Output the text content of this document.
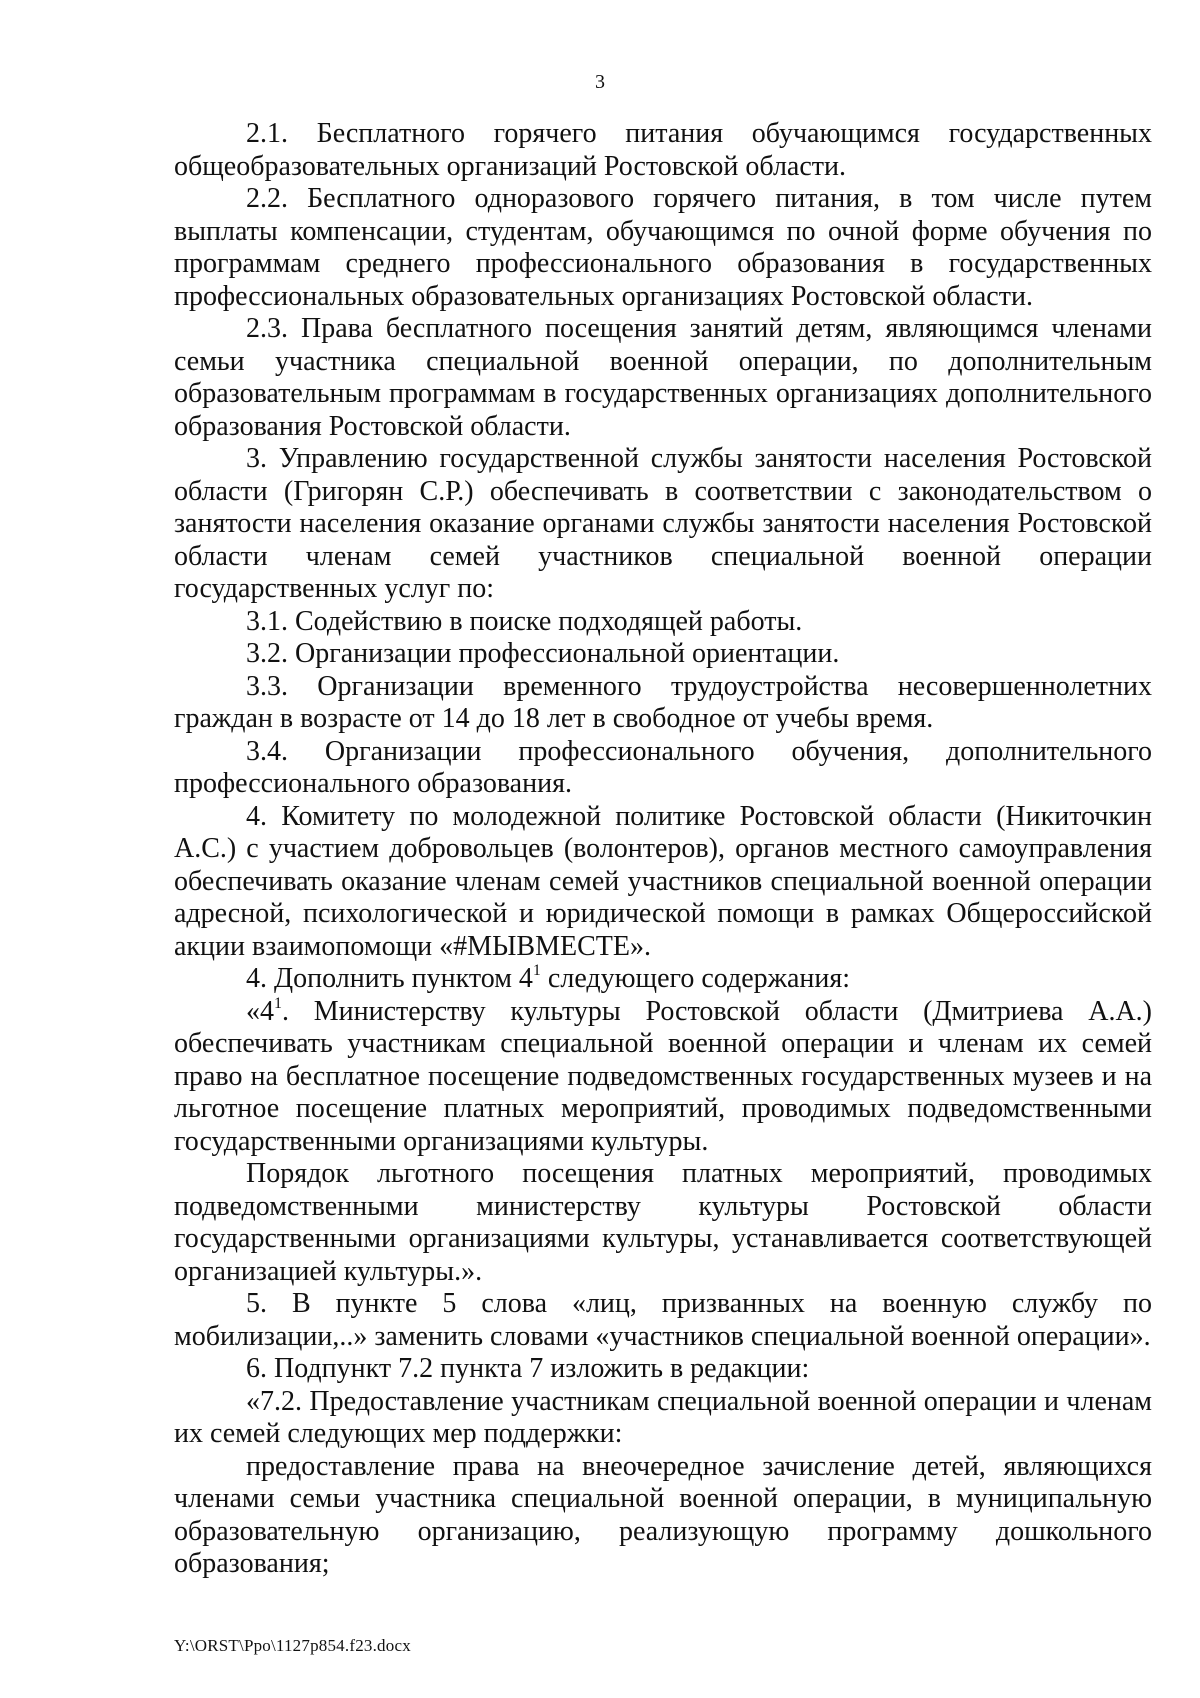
3

2.1. Бесплатного горячего питания обучающимся государственных общеобразовательных организаций Ростовской области.

2.2. Бесплатного одноразового горячего питания, в том числе путем выплаты компенсации, студентам, обучающимся по очной форме обучения по программам среднего профессионального образования в государственных профессиональных образовательных организациях Ростовской области.

2.3. Права бесплатного посещения занятий детям, являющимся членами семьи участника специальной военной операции, по дополнительным образовательным программам в государственных организациях дополнительного образования Ростовской области.

3. Управлению государственной службы занятости населения Ростовской области (Григорян С.Р.) обеспечивать в соответствии с законодательством о занятости населения оказание органами службы занятости населения Ростовской области членам семей участников специальной военной операции государственных услуг по:

3.1. Содействию в поиске подходящей работы.

3.2. Организации профессиональной ориентации.

3.3. Организации временного трудоустройства несовершеннолетних граждан в возрасте от 14 до 18 лет в свободное от учебы время.

3.4. Организации профессионального обучения, дополнительного профессионального образования.

4. Комитету по молодежной политике Ростовской области (Никиточкин А.С.) с участием добровольцев (волонтеров), органов местного самоуправления обеспечивать оказание членам семей участников специальной военной операции адресной, психологической и юридической помощи в рамках Общероссийской акции взаимопомощи «#МЫВМЕСТЕ».

4. Дополнить пунктом $4^1$ следующего содержания:

«$4^1$. Министерству культуры Ростовской области (Дмитриева А.А.) обеспечивать участникам специальной военной операции и членам их семей право на бесплатное посещение подведомственных государственных музеев и на льготное посещение платных мероприятий, проводимых подведомственными государственными организациями культуры.

Порядок льготного посещения платных мероприятий, проводимых подведомственными министерству культуры Ростовской области государственными организациями культуры, устанавливается соответствующей организацией культуры.».

5. В пункте 5 слова «лиц, призванных на военную службу по мобилизации,..» заменить словами «участников специальной военной операции».

6. Подпункт 7.2 пункта 7 изложить в редакции:

«7.2. Предоставление участникам специальной военной операции и членам их семей следующих мер поддержки:

предоставление права на внеочередное зачисление детей, являющихся членами семьи участника специальной военной операции, в муниципальную образовательную организацию, реализующую программу дошкольного образования;

Y:\ORST\Ppo\1127p854.f23.docx
